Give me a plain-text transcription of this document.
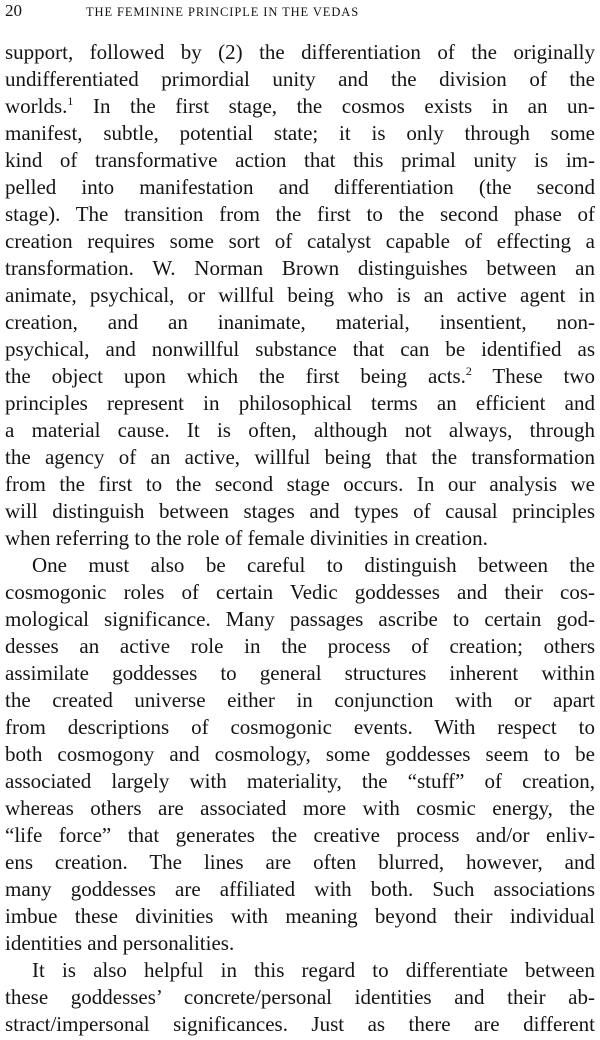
20	THE FEMININE PRINCIPLE IN THE VEDAS
support, followed by (2) the differentiation of the originally
undifferentiated primordial unity and the division of the
worlds.$^1$ In the first stage, the cosmos exists in an un-
manifest, subtle, potential state; it is only through some
kind of transformative action that this primal unity is im-
pelled into manifestation and differentiation (the second
stage). The transition from the first to the second phase of
creation requires some sort of catalyst capable of effecting a
transformation. W. Norman Brown distinguishes between an
animate, psychical, or willful being who is an active agent in
creation, and an inanimate, material, insentient, non-
psychical, and nonwillful substance that can be identified as
the object upon which the first being acts.$^2$ These two
principles represent in philosophical terms an efficient and
a material cause. It is often, although not always, through
the agency of an active, willful being that the transformation
from the first to the second stage occurs. In our analysis we
will distinguish between stages and types of causal principles
when referring to the role of female divinities in creation.
One must also be careful to distinguish between the
cosmogonic roles of certain Vedic goddesses and their cos-
mological significance. Many passages ascribe to certain god-
desses an active role in the process of creation; others
assimilate goddesses to general structures inherent within
the created universe either in conjunction with or apart
from descriptions of cosmogonic events. With respect to
both cosmogony and cosmology, some goddesses seem to be
associated largely with materiality, the “stuff” of creation,
whereas others are associated more with cosmic energy, the
“life force” that generates the creative process and/or enliv-
ens creation. The lines are often blurred, however, and
many goddesses are affiliated with both. Such associations
imbue these divinities with meaning beyond their individual
identities and personalities.
It is also helpful in this regard to differentiate between
these goddesses’ concrete/personal identities and their ab-
stract/impersonal significances. Just as there are different
